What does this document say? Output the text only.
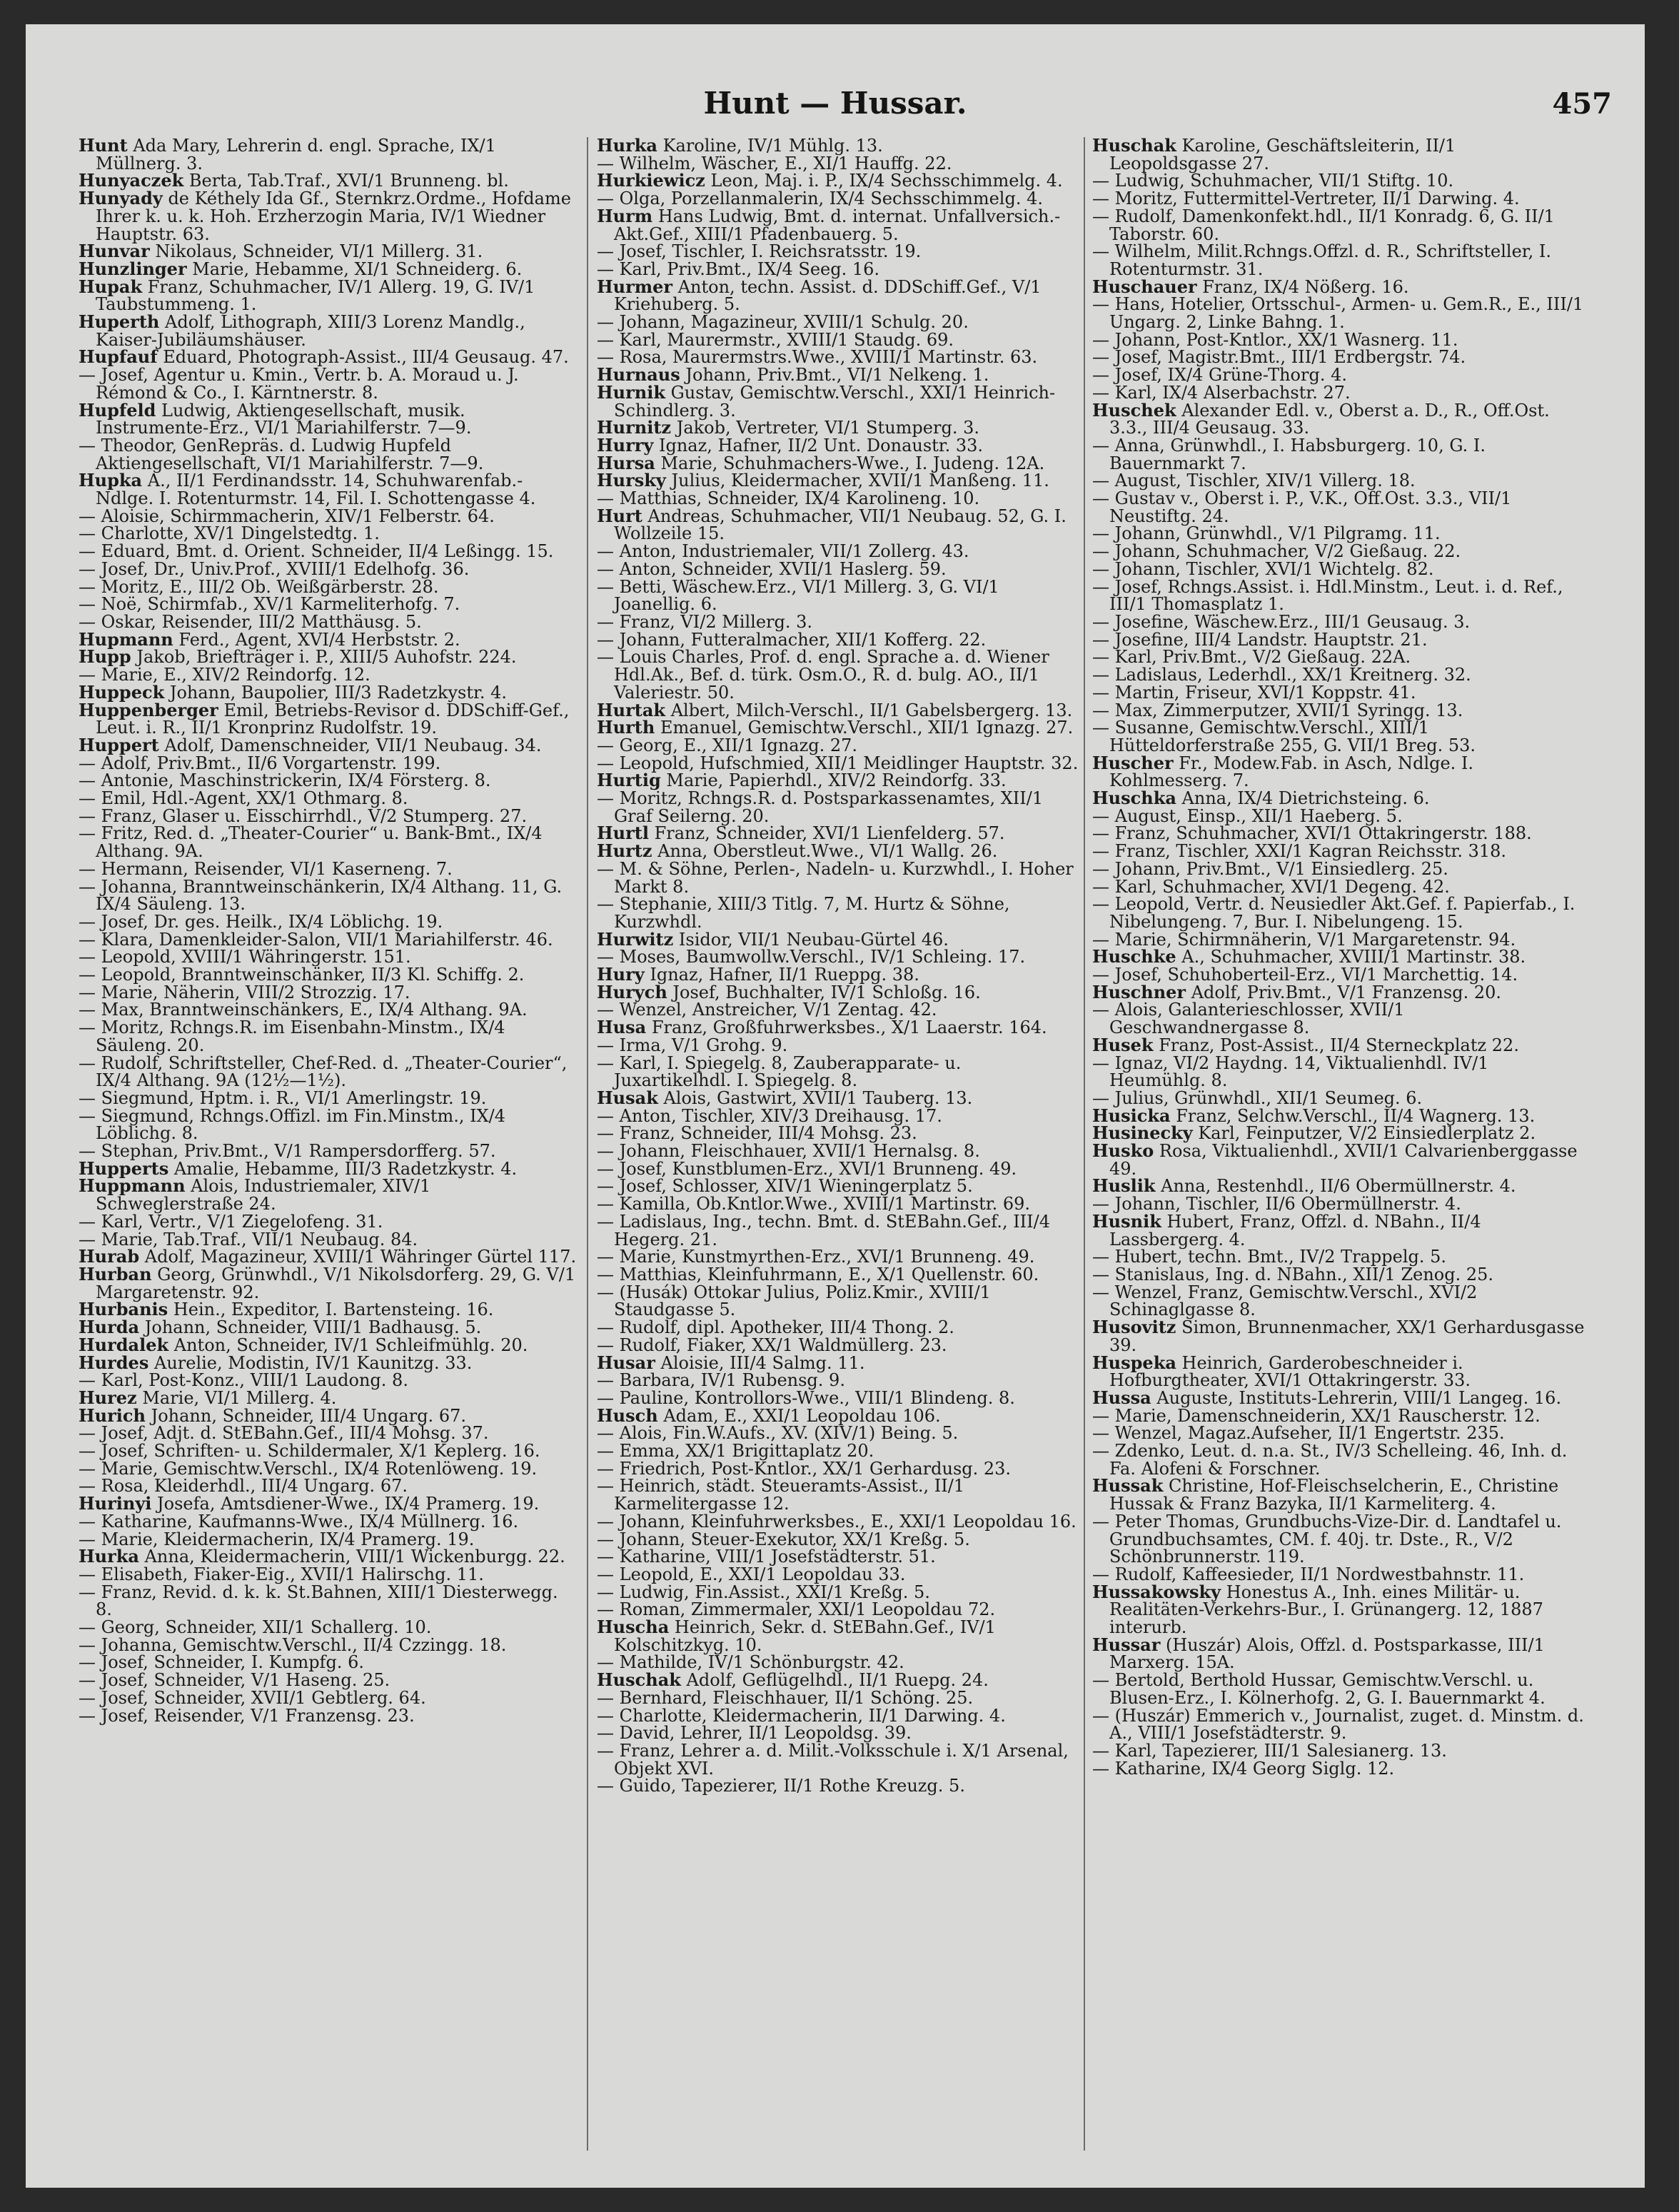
Hunt — Hussar.	457

Hunt Ada Mary, Lehrerin d. engl. Sprache, IX/1 Müllnerg. 3.

Hunyaczek Berta, Tab.Traf., XVI/1 Brunneng. bl.

Hunyady de Kéthely Ida Gf., Sternkrz.Ordme., Hofdame Ihrer k. u. k. Hoh. Erzherzogin Maria, IV/1 Wiedner Hauptstr. 63.

Hunvar Nikolaus, Schneider, VI/1 Millerg. 31.

Hunzlinger Marie, Hebamme, XI/1 Schneiderg. 6.

Hupak Franz, Schuhmacher, IV/1 Allerg. 19, G. IV/1 Taubstummeng. 1.

Huperth Adolf, Lithograph, XIII/3 Lorenz Mandlg., Kaiser-Jubiläumshäuser.

Hupfauf Eduard, Photograph-Assist., III/4 Geusaug. 47.

— Josef, Agentur u. Kmin., Vertr. b. A. Moraud u. J. Rémond & Co., I. Kärntnerstr. 8.

Hupfeld Ludwig, Aktiengesellschaft, musik. Instrumente-Erz., VI/1 Mariahilferstr. 7—9.

— Theodor, GenRepräs. d. Ludwig Hupfeld Aktiengesellschaft, VI/1 Mariahilferstr. 7—9.

Hupka A., II/1 Ferdinandsstr. 14, Schuhwarenfab.-Ndlge. I. Rotenturmstr. 14, Fil. I. Schottengasse 4.

— Aloisie, Schirmmacherin, XIV/1 Felberstr. 64.

— Charlotte, XV/1 Dingelstedtg. 1.

— Eduard, Bmt. d. Orient. Schneider, II/4 Leßingg. 15.

— Josef, Dr., Univ.Prof., XVIII/1 Edelhofg. 36.

— Moritz, E., III/2 Ob. Weißgärberstr. 28.

— Noë, Schirmfab., XV/1 Karmeliterhofg. 7.

— Oskar, Reisender, III/2 Matthäusg. 5.

Hupmann Ferd., Agent, XVI/4 Herbststr. 2.

Hupp Jakob, Briefträger i. P., XIII/5 Auhofstr. 224.

— Marie, E., XIV/2 Reindorfg. 12.

Huppeck Johann, Baupolier, III/3 Radetzkystr. 4.

Huppenberger Emil, Betriebs-Revisor d. DDSchiff-Gef., Leut. i. R., II/1 Kronprinz Rudolfstr. 19.

Huppert Adolf, Damenschneider, VII/1 Neubaug. 34.

— Adolf, Priv.Bmt., II/6 Vorgartenstr. 199.

— Antonie, Maschinstrickerin, IX/4 Försterg. 8.

— Emil, Hdl.-Agent, XX/1 Othmarg. 8.

— Franz, Glaser u. Eisschirrhdl., V/2 Stumperg. 27.

— Fritz, Red. d. „Theater-Courier“ u. Bank-Bmt., IX/4 Althang. 9A.

— Hermann, Reisender, VI/1 Kaserneng. 7.

— Johanna, Branntweinschänkerin, IX/4 Althang. 11, G. IX/4 Säuleng. 13.

— Josef, Dr. ges. Heilk., IX/4 Löblichg. 19.

— Klara, Damenkleider-Salon, VII/1 Mariahilferstr. 46.

— Leopold, XVIII/1 Währingerstr. 151.

— Leopold, Branntweinschänker, II/3 Kl. Schiffg. 2.

— Marie, Näherin, VIII/2 Strozzig. 17.

— Max, Branntweinschänkers, E., IX/4 Althang. 9A.

— Moritz, Rchngs.R. im Eisenbahn-Minstm., IX/4 Säuleng. 20.

— Rudolf, Schriftsteller, Chef-Red. d. „Theater-Courier“, IX/4 Althang. 9A (12½—1½).

— Siegmund, Hptm. i. R., VI/1 Amerlingstr. 19.

— Siegmund, Rchngs.Offizl. im Fin.Minstm., IX/4 Löblichg. 8.

— Stephan, Priv.Bmt., V/1 Rampersdorfferg. 57.

Hupperts Amalie, Hebamme, III/3 Radetzkystr. 4.

Huppmann Alois, Industriemaler, XIV/1 Schweglerstraße 24.

— Karl, Vertr., V/1 Ziegelofeng. 31.

— Marie, Tab.Traf., VII/1 Neubaug. 84.

Hurab Adolf, Magazineur, XVIII/1 Währinger Gürtel 117.

Hurban Georg, Grünwhdl., V/1 Nikolsdorferg. 29, G. V/1 Margaretenstr. 92.

Hurbanis Hein., Expeditor, I. Bartensteing. 16.

Hurda Johann, Schneider, VIII/1 Badhausg. 5.

Hurdalek Anton, Schneider, IV/1 Schleifmühlg. 20.

Hurdes Aurelie, Modistin, IV/1 Kaunitzg. 33.

— Karl, Post-Konz., VIII/1 Laudong. 8.

Hurez Marie, VI/1 Millerg. 4.

Hurich Johann, Schneider, III/4 Ungarg. 67.

— Josef, Adjt. d. StEBahn.Gef., III/4 Mohsg. 37.

— Josef, Schriften- u. Schildermaler, X/1 Keplerg. 16.

— Marie, Gemischtw.Verschl., IX/4 Rotenlöweng. 19.

— Rosa, Kleiderhdl., III/4 Ungarg. 67.

Hurinyi Josefa, Amtsdiener-Wwe., IX/4 Pramerg. 19.

— Katharine, Kaufmanns-Wwe., IX/4 Müllnerg. 16.

— Marie, Kleidermacherin, IX/4 Pramerg. 19.

Hurka Anna, Kleidermacherin, VIII/1 Wickenburgg. 22.

— Elisabeth, Fiaker-Eig., XVII/1 Halirschg. 11.

— Franz, Revid. d. k. k. St.Bahnen, XIII/1 Diesterwegg. 8.

— Georg, Schneider, XII/1 Schallerg. 10.

— Johanna, Gemischtw.Verschl., II/4 Czzingg. 18.

— Josef, Schneider, I. Kumpfg. 6.

— Josef, Schneider, V/1 Haseng. 25.

— Josef, Schneider, XVII/1 Gebtlerg. 64.

— Josef, Reisender, V/1 Franzensg. 23.

Hurka Karoline, IV/1 Mühlg. 13.

— Wilhelm, Wäscher, E., XI/1 Hauffg. 22.

Hurkiewicz Leon, Maj. i. P., IX/4 Sechsschimmelg. 4.

— Olga, Porzellanmalerin, IX/4 Sechsschimmelg. 4.

Hurm Hans Ludwig, Bmt. d. internat. Unfallversich.-Akt.Gef., XIII/1 Pfadenbauerg. 5.

— Josef, Tischler, I. Reichsratsstr. 19.

— Karl, Priv.Bmt., IX/4 Seeg. 16.

Hurmer Anton, techn. Assist. d. DDSchiff.Gef., V/1 Kriehuberg. 5.

— Johann, Magazineur, XVIII/1 Schulg. 20.

— Karl, Maurermstr., XVIII/1 Staudg. 69.

— Rosa, Maurermstrs.Wwe., XVIII/1 Martinstr. 63.

Hurnaus Johann, Priv.Bmt., VI/1 Nelkeng. 1.

Hurnik Gustav, Gemischtw.Verschl., XXI/1 Heinrich-Schindlerg. 3.

Hurnitz Jakob, Vertreter, VI/1 Stumperg. 3.

Hurry Ignaz, Hafner, II/2 Unt. Donaustr. 33.

Hursa Marie, Schuhmachers-Wwe., I. Judeng. 12A.

Hursky Julius, Kleidermacher, XVII/1 Manßeng. 11.

— Matthias, Schneider, IX/4 Karolineng. 10.

Hurt Andreas, Schuhmacher, VII/1 Neubaug. 52, G. I. Wollzeile 15.

— Anton, Industriemaler, VII/1 Zollerg. 43.

— Anton, Schneider, XVII/1 Haslerg. 59.

— Betti, Wäschew.Erz., VI/1 Millerg. 3, G. VI/1 Joanellig. 6.

— Franz, VI/2 Millerg. 3.

— Johann, Futteralmacher, XII/1 Kofferg. 22.

— Louis Charles, Prof. d. engl. Sprache a. d. Wiener Hdl.Ak., Bef. d. türk. Osm.O., R. d. bulg. AO., II/1 Valeriestr. 50.

Hurtak Albert, Milch-Verschl., II/1 Gabelsbergerg. 13.

Hurth Emanuel, Gemischtw.Verschl., XII/1 Ignazg. 27.

— Georg, E., XII/1 Ignazg. 27.

— Leopold, Hufschmied, XII/1 Meidlinger Hauptstr. 32.

Hurtig Marie, Papierhdl., XIV/2 Reindorfg. 33.

— Moritz, Rchngs.R. d. Postsparkassenamtes, XII/1 Graf Seilerng. 20.

Hurtl Franz, Schneider, XVI/1 Lienfelderg. 57.

Hurtz Anna, Oberstleut.Wwe., VI/1 Wallg. 26.

— M. & Söhne, Perlen-, Nadeln- u. Kurzwhdl., I. Hoher Markt 8.

— Stephanie, XIII/3 Titlg. 7, M. Hurtz & Söhne, Kurzwhdl.

Hurwitz Isidor, VII/1 Neubau-Gürtel 46.

— Moses, Baumwollw.Verschl., IV/1 Schleing. 17.

Hury Ignaz, Hafner, II/1 Rueppg. 38.

Hurych Josef, Buchhalter, IV/1 Schloßg. 16.

— Wenzel, Anstreicher, V/1 Zentag. 42.

Husa Franz, Großfuhrwerksbes., X/1 Laaerstr. 164.

— Irma, V/1 Grohg. 9.

— Karl, I. Spiegelg. 8, Zauberapparate- u. Juxartikelhdl. I. Spiegelg. 8.

Husak Alois, Gastwirt, XVII/1 Tauberg. 13.

— Anton, Tischler, XIV/3 Dreihausg. 17.

— Franz, Schneider, III/4 Mohsg. 23.

— Johann, Fleischhauer, XVII/1 Hernalsg. 8.

— Josef, Kunstblumen-Erz., XVI/1 Brunneng. 49.

— Josef, Schlosser, XIV/1 Wieningerplatz 5.

— Kamilla, Ob.Kntlor.Wwe., XVIII/1 Martinstr. 69.

— Ladislaus, Ing., techn. Bmt. d. StEBahn.Gef., III/4 Hegerg. 21.

— Marie, Kunstmyrthen-Erz., XVI/1 Brunneng. 49.

— Matthias, Kleinfuhrmann, E., X/1 Quellenstr. 60.

— (Husák) Ottokar Julius, Poliz.Kmir., XVIII/1 Staudgasse 5.

— Rudolf, dipl. Apotheker, III/4 Thong. 2.

— Rudolf, Fiaker, XX/1 Waldmüllerg. 23.

Husar Aloisie, III/4 Salmg. 11.

— Barbara, IV/1 Rubensg. 9.

— Pauline, Kontrollors-Wwe., VIII/1 Blindeng. 8.

Husch Adam, E., XXI/1 Leopoldau 106.

— Alois, Fin.W.Aufs., XV. (XIV/1) Being. 5.

— Emma, XX/1 Brigittaplatz 20.

— Friedrich, Post-Kntlor., XX/1 Gerhardusg. 23.

— Heinrich, städt. Steueramts-Assist., II/1 Karmelitergasse 12.

— Johann, Kleinfuhrwerksbes., E., XXI/1 Leopoldau 16.

— Johann, Steuer-Exekutor, XX/1 Kreßg. 5.

— Katharine, VIII/1 Josefstädterstr. 51.

— Leopold, E., XXI/1 Leopoldau 33.

— Ludwig, Fin.Assist., XXI/1 Kreßg. 5.

— Roman, Zimmermaler, XXI/1 Leopoldau 72.

Huscha Heinrich, Sekr. d. StEBahn.Gef., IV/1 Kolschitzkyg. 10.

— Mathilde, IV/1 Schönburgstr. 42.

Huschak Adolf, Geflügelhdl., II/1 Ruepg. 24.

— Bernhard, Fleischhauer, II/1 Schöng. 25.

— Charlotte, Kleidermacherin, II/1 Darwing. 4.

— David, Lehrer, II/1 Leopoldsg. 39.

— Franz, Lehrer a. d. Milit.-Volksschule i. X/1 Arsenal, Objekt XVI.

— Guido, Tapezierer, II/1 Rothe Kreuzg. 5.

Huschak Karoline, Geschäftsleiterin, II/1 Leopoldsgasse 27.

— Ludwig, Schuhmacher, VII/1 Stiftg. 10.

— Moritz, Futtermittel-Vertreter, II/1 Darwing. 4.

— Rudolf, Damenkonfekt.hdl., II/1 Konradg. 6, G. II/1 Taborstr. 60.

— Wilhelm, Milit.Rchngs.Offzl. d. R., Schriftsteller, I. Rotenturmstr. 31.

Huschauer Franz, IX/4 Nößerg. 16.

— Hans, Hotelier, Ortsschul-, Armen- u. Gem.R., E., III/1 Ungarg. 2, Linke Bahng. 1.

— Johann, Post-Kntlor., XX/1 Wasnerg. 11.

— Josef, Magistr.Bmt., III/1 Erdbergstr. 74.

— Josef, IX/4 Grüne-Thorg. 4.

— Karl, IX/4 Alserbachstr. 27.

Huschek Alexander Edl. v., Oberst a. D., R., Off.Ost. 3.3., III/4 Geusaug. 33.

— Anna, Grünwhdl., I. Habsburgerg. 10, G. I. Bauernmarkt 7.

— August, Tischler, XIV/1 Villerg. 18.

— Gustav v., Oberst i. P., V.K., Off.Ost. 3.3., VII/1 Neustiftg. 24.

— Johann, Grünwhdl., V/1 Pilgramg. 11.

— Johann, Schuhmacher, V/2 Gießaug. 22.

— Johann, Tischler, XVI/1 Wichtelg. 82.

— Josef, Rchngs.Assist. i. Hdl.Minstm., Leut. i. d. Ref., III/1 Thomasplatz 1.

— Josefine, Wäschew.Erz., III/1 Geusaug. 3.

— Josefine, III/4 Landstr. Hauptstr. 21.

— Karl, Priv.Bmt., V/2 Gießaug. 22A.

— Ladislaus, Lederhdl., XX/1 Kreitnerg. 32.

— Martin, Friseur, XVI/1 Koppstr. 41.

— Max, Zimmerputzer, XVII/1 Syringg. 13.

— Susanne, Gemischtw.Verschl., XIII/1 Hütteldorferstraße 255, G. VII/1 Breg. 53.

Huscher Fr., Modew.Fab. in Asch, Ndlge. I. Kohlmesserg. 7.

Huschka Anna, IX/4 Dietrichsteing. 6.

— August, Einsp., XII/1 Haeberg. 5.

— Franz, Schuhmacher, XVI/1 Ottakringerstr. 188.

— Franz, Tischler, XXI/1 Kagran Reichsstr. 318.

— Johann, Priv.Bmt., V/1 Einsiedlerg. 25.

— Karl, Schuhmacher, XVI/1 Degeng. 42.

— Leopold, Vertr. d. Neusiedler Akt.Gef. f. Papierfab., I. Nibelungeng. 7, Bur. I. Nibelungeng. 15.

— Marie, Schirmnäherin, V/1 Margaretenstr. 94.

Huschke A., Schuhmacher, XVIII/1 Martinstr. 38.

— Josef, Schuhoberteil-Erz., VI/1 Marchettig. 14.

Huschner Adolf, Priv.Bmt., V/1 Franzensg. 20.

— Alois, Galanterieschlosser, XVII/1 Geschwandnergasse 8.

Husek Franz, Post-Assist., II/4 Sterneckplatz 22.

— Ignaz, VI/2 Haydng. 14, Viktualienhdl. IV/1 Heumühlg. 8.

— Julius, Grünwhdl., XII/1 Seumeg. 6.

Husicka Franz, Selchw.Verschl., II/4 Wagnerg. 13.

Husinecky Karl, Feinputzer, V/2 Einsiedlerplatz 2.

Husko Rosa, Viktualienhdl., XVII/1 Calvarienberggasse 49.

Huslik Anna, Restenhdl., II/6 Obermüllnerstr. 4.

— Johann, Tischler, II/6 Obermüllnerstr. 4.

Husnik Hubert, Franz, Offzl. d. NBahn., II/4 Lassbergerg. 4.

— Hubert, techn. Bmt., IV/2 Trappelg. 5.

— Stanislaus, Ing. d. NBahn., XII/1 Zenog. 25.

— Wenzel, Franz, Gemischtw.Verschl., XVI/2 Schinaglgasse 8.

Husovitz Simon, Brunnenmacher, XX/1 Gerhardusgasse 39.

Huspeka Heinrich, Garderobeschneider i. Hofburgtheater, XVI/1 Ottakringerstr. 33.

Hussa Auguste, Instituts-Lehrerin, VIII/1 Langeg. 16.

— Marie, Damenschneiderin, XX/1 Rauscherstr. 12.

— Wenzel, Magaz.Aufseher, II/1 Engertstr. 235.

— Zdenko, Leut. d. n.a. St., IV/3 Schelleing. 46, Inh. d. Fa. Alofeni & Forschner.

Hussak Christine, Hof-Fleischselcherin, E., Christine Hussak & Franz Bazyka, II/1 Karmeliterg. 4.

— Peter Thomas, Grundbuchs-Vize-Dir. d. Landtafel u. Grundbuchsamtes, CM. f. 40j. tr. Dste., R., V/2 Schönbrunnerstr. 119.

— Rudolf, Kaffeesieder, II/1 Nordwestbahnstr. 11.

Hussakowsky Honestus A., Inh. eines Militär- u. Realitäten-Verkehrs-Bur., I. Grünangerg. 12, 1887 interurb.

Hussar (Huszár) Alois, Offzl. d. Postsparkasse, III/1 Marxerg. 15A.

— Bertold, Berthold Hussar, Gemischtw.Verschl. u. Blusen-Erz., I. Kölnerhofg. 2, G. I. Bauernmarkt 4.

— (Huszár) Emmerich v., Journalist, zuget. d. Minstm. d. A., VIII/1 Josefstädterstr. 9.

— Karl, Tapezierer, III/1 Salesianerg. 13.

— Katharine, IX/4 Georg Siglg. 12.
